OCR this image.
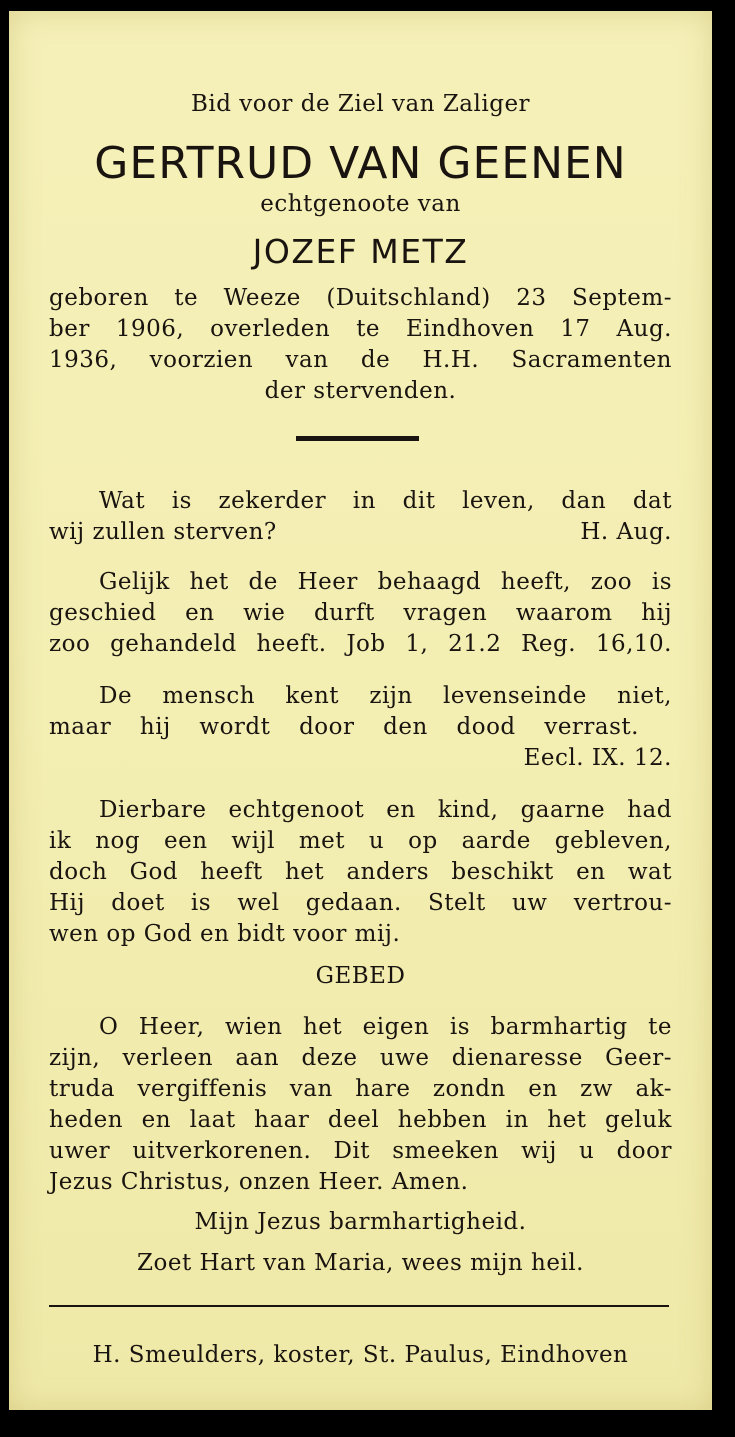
Bid voor de Ziel van Zaliger
GERTRUD VAN GEENEN
echtgenoote van
JOZEF METZ
geboren te Weeze (Duitschland) 23 Septem-
ber 1906, overleden te Eindhoven 17 Aug.
1936, voorzien van de H.H. Sacramenten
der stervenden.
Wat is zekerder in dit leven, dan dat
wij zullen sterven?	H. Aug.
Gelijk het de Heer behaagd heeft, zoo is
geschied en wie durft vragen waarom hij
zoo gehandeld heeft. Job 1, 21.2 Reg. 16,10.
De mensch kent zijn levenseinde niet,
maar hij wordt door den dood verrast.
Eecl. IX. 12.
Dierbare echtgenoot en kind, gaarne had
ik nog een wijl met u op aarde gebleven,
doch God heeft het anders beschikt en wat
Hij doet is wel gedaan. Stelt uw vertrou-
wen op God en bidt voor mij.
GEBED
O Heer, wien het eigen is barmhartig te
zijn, verleen aan deze uwe dienaresse Geer-
truda vergiffenis van hare zondn en zw ak-
heden en laat haar deel hebben in het geluk
uwer uitverkorenen. Dit smeeken wij u door
Jezus Christus, onzen Heer. Amen.
Mijn Jezus barmhartigheid.
Zoet Hart van Maria, wees mijn heil.
H. Smeulders, koster, St. Paulus, Eindhoven
